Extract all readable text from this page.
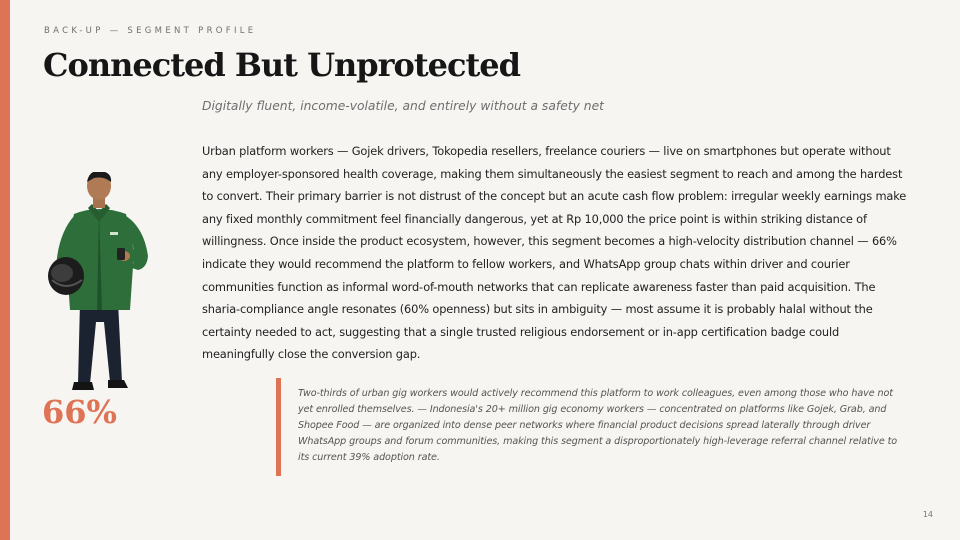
BACK-UP — SEGMENT PROFILE
Connected But Unprotected
Digitally fluent, income-volatile, and entirely without a safety net

Urban platform workers — Gojek drivers, Tokopedia resellers, freelance couriers — live on smartphones but operate without any employer-sponsored health coverage, making them simultaneously the easiest segment to reach and among the hardest to convert. Their primary barrier is not distrust of the concept but an acute cash flow problem: irregular weekly earnings make any fixed monthly commitment feel financially dangerous, yet at Rp 10,000 the price point is within striking distance of willingness. Once inside the product ecosystem, however, this segment becomes a high-velocity distribution channel — 66% indicate they would recommend the platform to fellow workers, and WhatsApp group chats within driver and courier communities function as informal word-of-mouth networks that can replicate awareness faster than paid acquisition. The sharia-compliance angle resonates (60% openness) but sits in ambiguity — most assume it is probably halal without the certainty needed to act, suggesting that a single trusted religious endorsement or in-app certification badge could meaningfully close the conversion gap.

66%	Two-thirds of urban gig workers would actively recommend this platform to work colleagues, even among those who have not yet enrolled themselves. — Indonesia's 20+ million gig economy workers — concentrated on platforms like Gojek, Grab, and Shopee Food — are organized into dense peer networks where financial product decisions spread laterally through driver WhatsApp groups and forum communities, making this segment a disproportionately high-leverage referral channel relative to its current 39% adoption rate.

14
